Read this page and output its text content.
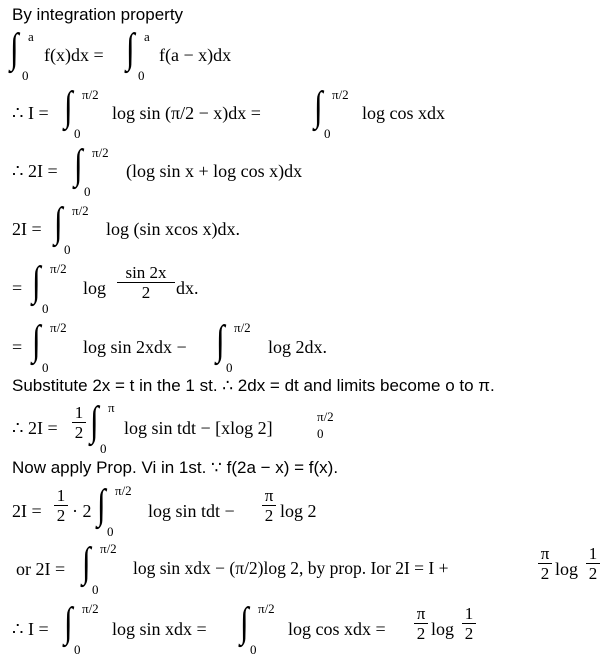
By integration property
∫ a
0
f(x)dx = ∫ a
0
f(a − x)dx
∴ I = ∫ π/2
0
log sin (π/2 − x)dx = ∫ π/2
0
log cos xdx
∴ 2I = ∫ π/2
0
(log sin x + log cos x)dx
2I = ∫ π/2
0
log (sin xcos x)dx.
= ∫ π/2
0
log
sin 2x
2	dx.
= ∫ π/2
0
log sin 2xdx − ∫ π/2
0
log 2dx.
Substitute 2x = t in the 1 st. ∴ 2dx = dt and limits become o to π.
∴ 2I =
1
2 ∫ π
0
log sin tdt − [xlog 2]	0
π/2
Now apply Prop. Vi in 1st. ∵ f(2a − x) = f(x).
2I =
1
2 · 2 ∫ π/2
0
log sin tdt −
π
2 log 2
or 2I = ∫ π/2
0
log sin xdx − (π/2)log 2, by prop. Ior 2I = I +
π
2 log
1
2
∴ I = ∫ π/2
0
log sin xdx = ∫ π/2
0
log cos xdx =
π
2 log
1
2
